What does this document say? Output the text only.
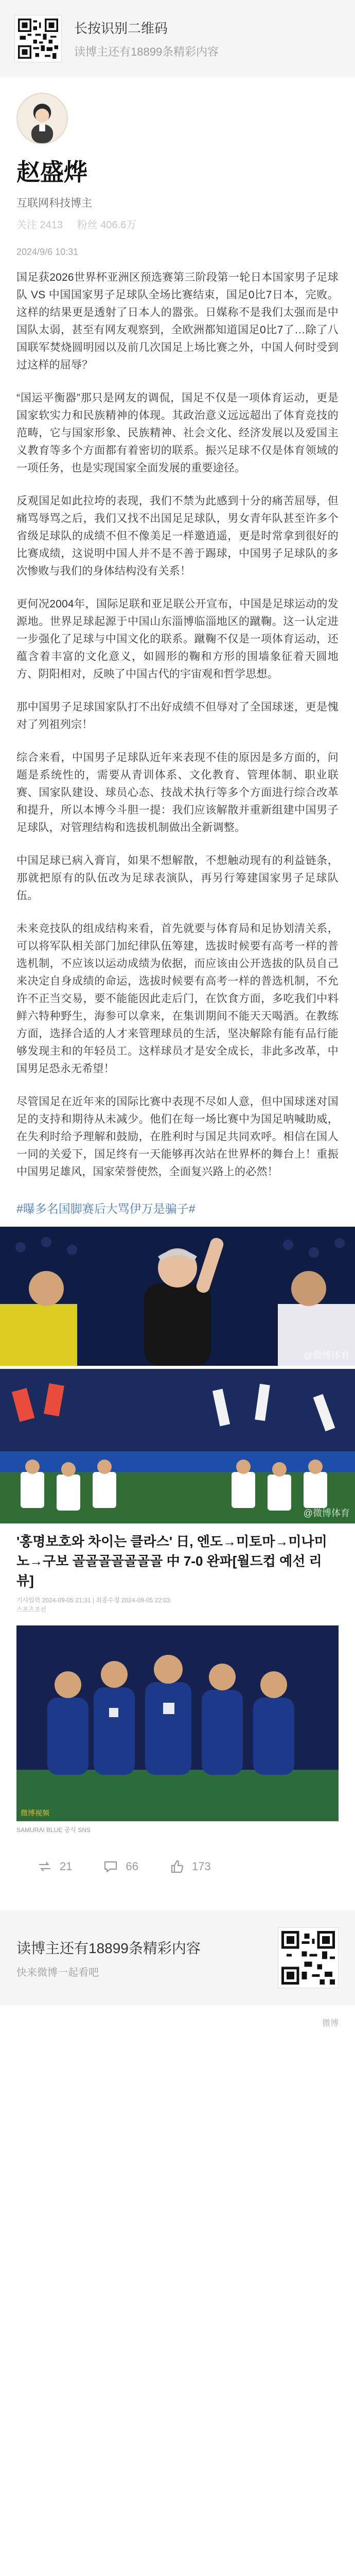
长按识别二维码
读博主还有18899条精彩内容
赵盛烨
互联网科技博主
关注 2413 粉丝 406.6万
2024/9/6 10:31

国足获2026世界杯亚洲区预选赛第三阶段第一轮日本国家男子足球队 VS 中国国家男子足球队全场比赛结束，国足0比7日本，完败。这样的结果更是透射了日本人的嚣张。日媒称不是我们太强而是中国队太弱，甚至有网友观察到，全欧洲都知道国足0比7了…除了八国联军焚烧圆明园以及前几次国足上场比赛之外，中国人何时受到过这样的屈辱？

“国运平衡器”那只是网友的调侃，国足不仅是一项体育运动，更是国家软实力和民族精神的体现。其政治意义远远超出了体育竞技的范畴，它与国家形象、民族精神、社会文化、经济发展以及爱国主义教育等多个方面都有着密切的联系。振兴足球不仅是体育领域的一项任务，也是实现国家全面发展的重要途径。

反观国足如此拉垮的表现，我们不禁为此感到十分的痛苦屈辱，但痛骂辱骂之后，我们又找不出国足足球队，男女青年队甚至许多个省级足球队的成绩不但不像美足一样邀逍遥，更是时常拿到很好的比赛成绩，这说明中国人并不是不善于踢球，中国男子足球队的多次惨败与我们的身体结构没有关系！

更何况2004年，国际足联和亚足联公开宣布，中国是足球运动的发源地。世界足球起源于中国山东淄博临淄地区的蹴鞠。这一认定进一步强化了足球与中国文化的联系。蹴鞠不仅是一项体育运动，还蕴含着丰富的文化意义，如圆形的鞠和方形的围墙象征着天圆地方、阴阳相对，反映了中国古代的宇宙观和哲学思想。

那中国男子足球国家队打不出好成绩不但辱对了全国球迷，更是愧对了列祖列宗！

综合来看，中国男子足球队近年来表现不佳的原因是多方面的，问题是系统性的，需要从青训体系、文化教育、管理体制、职业联赛、国家队建设、球员心态、技战术执行等多个方面进行综合改革和提升，所以本博今斗胆一提：我们应该解散并重新组建中国男子足球队，对管理结构和选拔机制做出全新调整。

中国足球已病入膏肓，如果不想解散，不想触动现有的利益链条，那就把原有的队伍改为足球表演队，再另行筹建国家男子足球队伍。

未来竞技队的组成结构来看，首先就要与体育局和足协划清关系，可以将军队相关部门加纪律队伍筹建，选拔时候要有高考一样的普选机制，不应该以运动成绩为依据，而应该由公开选拔的队员自己来决定自身成绩的命运，选拔时候要有高考一样的普选机制，不允许不正当交易，要不能能因此走后门，在饮食方面，多吃我们中料鲜六特种野生，海参可以拿来，在集训期间不能天天喝酒。在教练方面，选择合适的人才来管理球员的生活，坚决解除有能有品行能够发现主和的年轻员工。这样球员才是安全成长，非此多改革，中国男足恐永无希望！

尽管国足在近年来的国际比赛中表现不尽如人意，但中国球迷对国足的支持和期待从未减少。他们在每一场比赛中为国足呐喊助威，在失利时给予理解和鼓励，在胜利时与国足共同欢呼。相信在国人一同的关爱下，国足终有一天能够再次站在世界杯的舞台上！重振中国男足雄风，国家荣誉使然，全面复兴路上的必然！

#曝多名国脚赛后大骂伊万是骗子#
@微博体育
@微博体育
'홍명보호와 차이는 클라스' 日, 엔도→미토마→미나미노→구보 골골골골골골골 中 7-0 완파[월드컵 예선 리뷰]
기사입력 2024-09-05 21:31 | 최종수정 2024-09-05 22:03
스포츠조선
微博视频
SAMURAI BLUE 공식 SNS
21	66	173
读博主还有18899条精彩内容
快来微博一起看吧
微博
